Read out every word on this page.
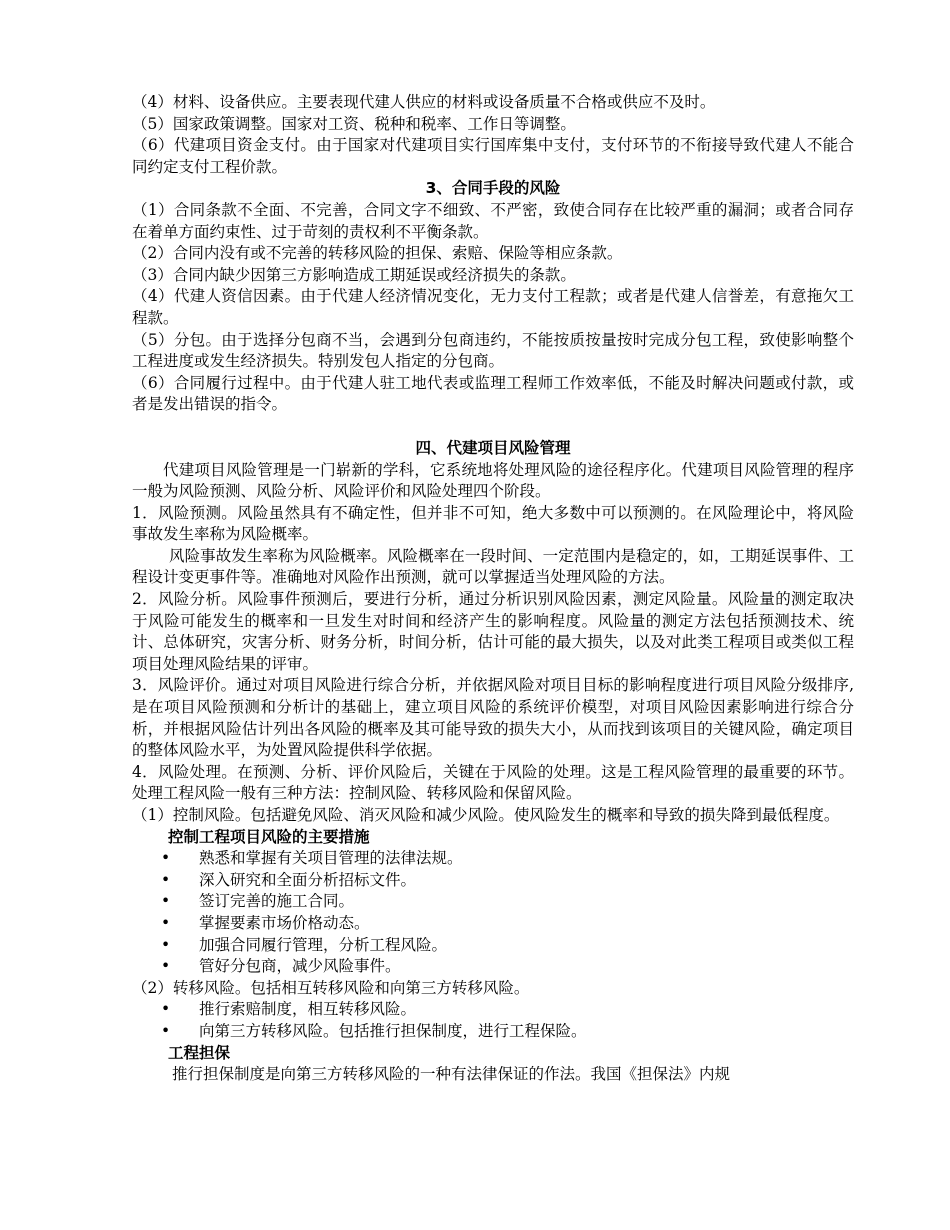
（4）材料、设备供应。主要表现代建人供应的材料或设备质量不合格或供应不及时。

（5）国家政策调整。国家对工资、税种和税率、工作日等调整。

（6）代建项目资金支付。由于国家对代建项目实行国库集中支付，支付环节的不衔接导致代建人不能合同约定支付工程价款。

3、合同手段的风险

（1）合同条款不全面、不完善，合同文字不细致、不严密，致使合同存在比较严重的漏洞；或者合同存在着单方面约束性、过于苛刻的责权利不平衡条款。

（2）合同内没有或不完善的转移风险的担保、索赔、保险等相应条款。

（3）合同内缺少因第三方影响造成工期延误或经济损失的条款。

（4）代建人资信因素。由于代建人经济情况变化，无力支付工程款；或者是代建人信誉差，有意拖欠工程款。

（5）分包。由于选择分包商不当，会遇到分包商违约，不能按质按量按时完成分包工程，致使影响整个工程进度或发生经济损失。特别发包人指定的分包商。

（6）合同履行过程中。由于代建人驻工地代表或监理工程师工作效率低，不能及时解决问题或付款，或者是发出错误的指令。

四、代建项目风险管理

代建项目风险管理是一门崭新的学科，它系统地将处理风险的途径程序化。代建项目风险管理的程序一般为风险预测、风险分析、风险评价和风险处理四个阶段。

1．风险预测。风险虽然具有不确定性，但并非不可知，绝大多数中可以预测的。在风险理论中，将风险事故发生率称为风险概率。

风险事故发生率称为风险概率。风险概率在一段时间、一定范围内是稳定的，如，工期延误事件、工程设计变更事件等。准确地对风险作出预测，就可以掌握适当处理风险的方法。

2．风险分析。风险事件预测后，要进行分析，通过分析识别风险因素，测定风险量。风险量的测定取决于风险可能发生的概率和一旦发生对时间和经济产生的影响程度。风险量的测定方法包括预测技术、统计、总体研究，灾害分析、财务分析，时间分析，估计可能的最大损失，以及对此类工程项目或类似工程项目处理风险结果的评审。

3．风险评价。通过对项目风险进行综合分析，并依据风险对项目目标的影响程度进行项目风险分级排序,是在项目风险预测和分析计的基础上，建立项目风险的系统评价模型，对项目风险因素影响进行综合分析，并根据风险估计列出各风险的概率及其可能导致的损失大小，从而找到该项目的关键风险，确定项目的整体风险水平，为处置风险提供科学依据。

4．风险处理。在预测、分析、评价风险后，关键在于风险的处理。这是工程风险管理的最重要的环节。处理工程风险一般有三种方法：控制风险、转移风险和保留风险。

（1）控制风险。包括避免风险、消灭风险和减少风险。使风险发生的概率和导致的损失降到最低程度。

控制工程项目风险的主要措施

• 熟悉和掌握有关项目管理的法律法规。
• 深入研究和全面分析招标文件。
• 签订完善的施工合同。
• 掌握要素市场价格动态。
• 加强合同履行管理，分析工程风险。
• 管好分包商，减少风险事件。

（2）转移风险。包括相互转移风险和向第三方转移风险。

• 推行索赔制度，相互转移风险。
• 向第三方转移风险。包括推行担保制度，进行工程保险。

工程担保

推行担保制度是向第三方转移风险的一种有法律保证的作法。我国《担保法》内规
